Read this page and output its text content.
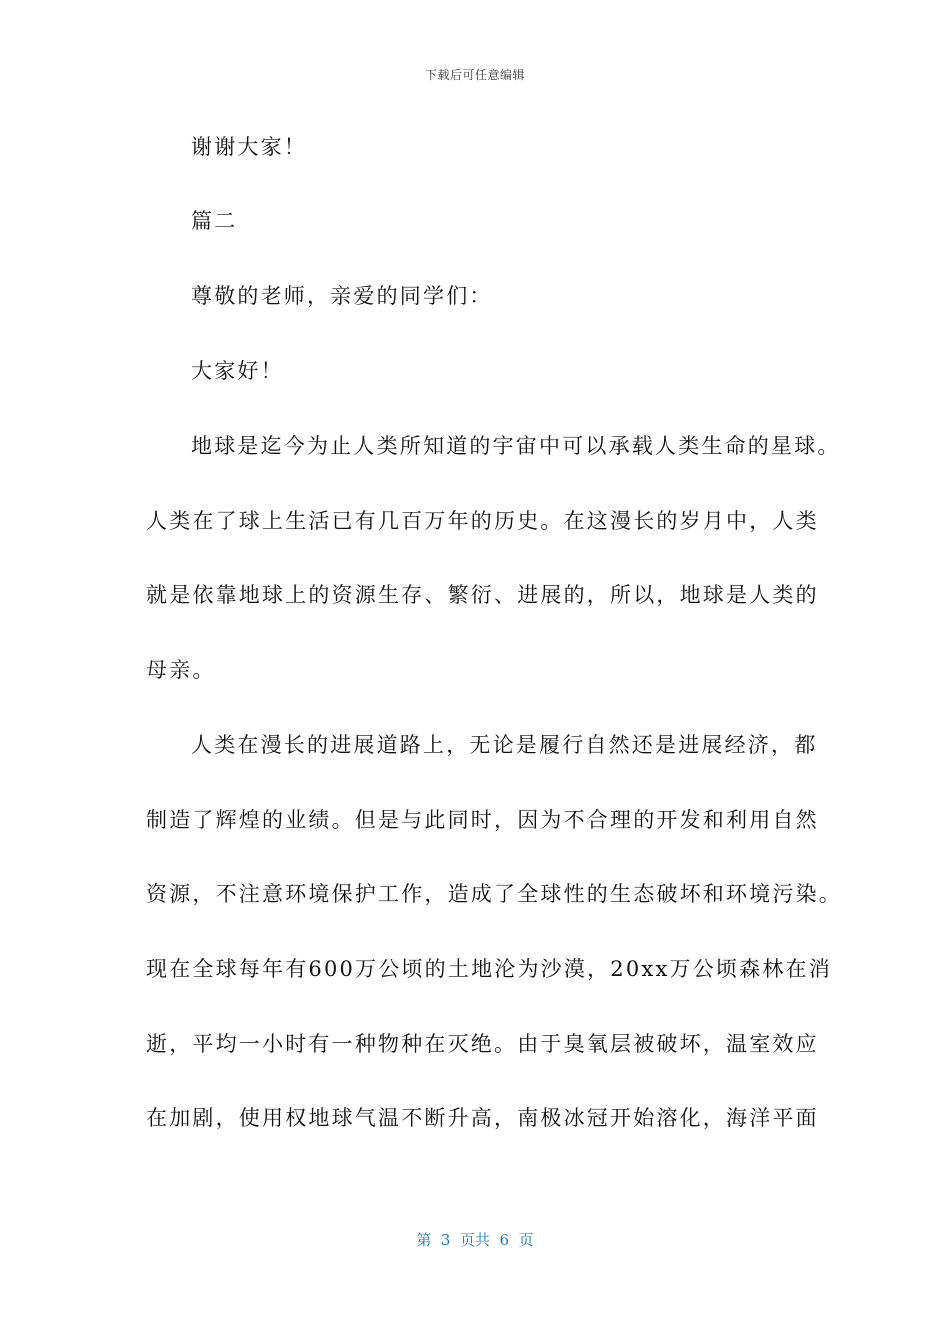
下载后可任意编辑
谢谢大家！
篇二
尊敬的老师，亲爱的同学们：
大家好！
地球是迄今为止人类所知道的宇宙中可以承载人类生命的星球。
人类在了球上生活已有几百万年的历史。在这漫长的岁月中，人类
就是依靠地球上的资源生存、繁衍、进展的，所以，地球是人类的
母亲。
人类在漫长的进展道路上，无论是履行自然还是进展经济，都
制造了辉煌的业绩。但是与此同时，因为不合理的开发和利用自然
资源，不注意环境保护工作，造成了全球性的生态破坏和环境污染。
现在全球每年有600万公顷的土地沦为沙漠，20xx万公顷森林在消
逝，平均一小时有一种物种在灭绝。由于臭氧层被破坏，温室效应
在加剧，使用权地球气温不断升高，南极冰冠开始溶化，海洋平面
第  3  页共  6  页
